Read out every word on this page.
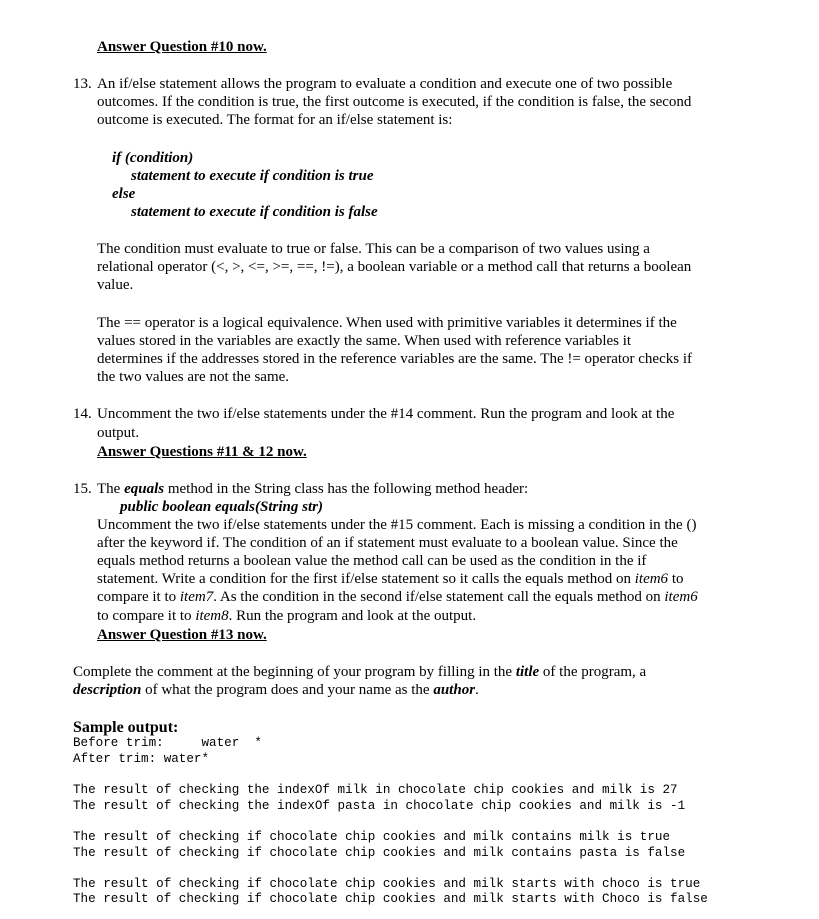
Answer Question #10 now.
13. An if/else statement allows the program to evaluate a condition and execute one of two possible
outcomes. If the condition is true, the first outcome is executed, if the condition is false, the second
outcome is executed. The format for an if/else statement is:
if (condition)
statement to execute if condition is true
else
statement to execute if condition is false
The condition must evaluate to true or false. This can be a comparison of two values using a
relational operator (<, >, <=, >=, ==, !=), a boolean variable or a method call that returns a boolean
value.
The == operator is a logical equivalence. When used with primitive variables it determines if the
values stored in the variables are exactly the same. When used with reference variables it
determines if the addresses stored in the reference variables are the same. The != operator checks if
the two values are not the same.
14. Uncomment the two if/else statements under the #14 comment. Run the program and look at the
output.
Answer Questions #11 & 12 now.
15. The equals method in the String class has the following method header:
public boolean equals(String str)
Uncomment the two if/else statements under the #15 comment. Each is missing a condition in the ()
after the keyword if. The condition of an if statement must evaluate to a boolean value. Since the
equals method returns a boolean value the method call can be used as the condition in the if
statement. Write a condition for the first if/else statement so it calls the equals method on item6 to
compare it to item7. As the condition in the second if/else statement call the equals method on item6
to compare it to item8. Run the program and look at the output.
Answer Question #13 now.
Complete the comment at the beginning of your program by filling in the title of the program, a
description of what the program does and your name as the author.
Sample output:
Before trim:     water  *
After trim: water*
The result of checking the indexOf milk in chocolate chip cookies and milk is 27
The result of checking the indexOf pasta in chocolate chip cookies and milk is -1
The result of checking if chocolate chip cookies and milk contains milk is true
The result of checking if chocolate chip cookies and milk contains pasta is false
The result of checking if chocolate chip cookies and milk starts with choco is true
The result of checking if chocolate chip cookies and milk starts with Choco is false
